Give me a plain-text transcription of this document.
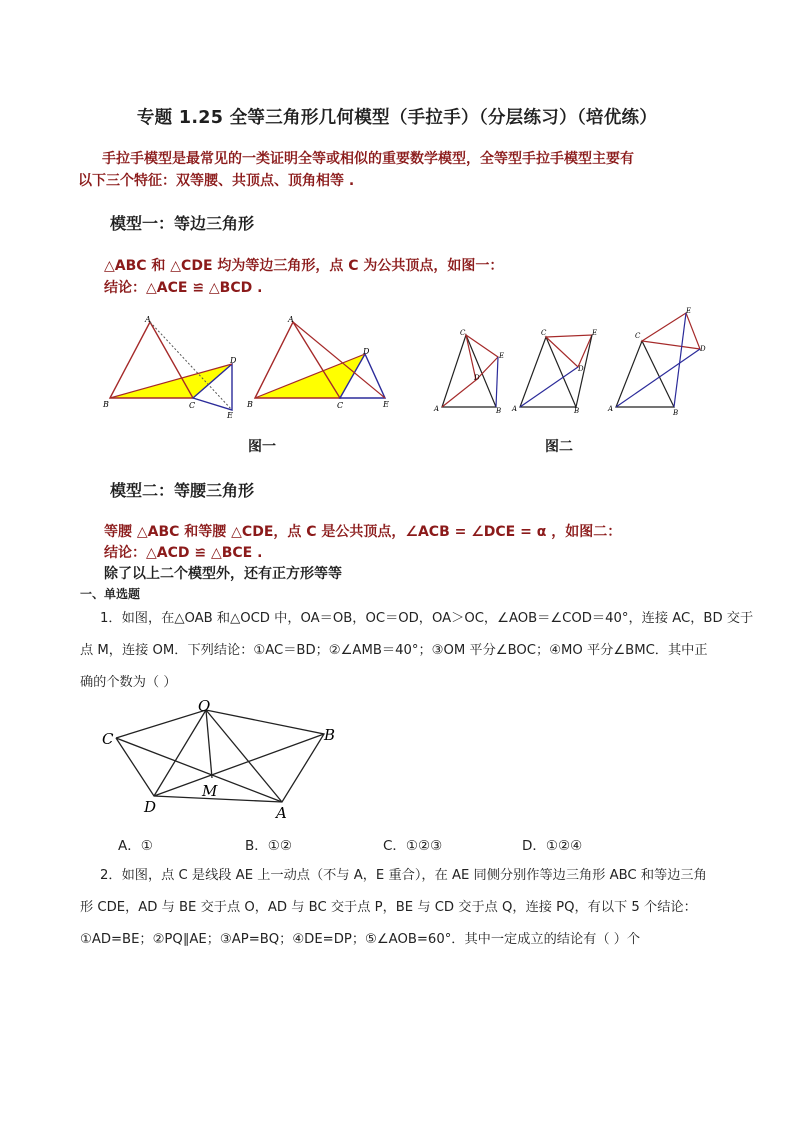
专题 1.25 全等三角形几何模型（手拉手）（分层练习）（培优练）
手拉手模型是最常见的一类证明全等或相似的重要数学模型，全等型手拉手模型主要有
以下三个特征：双等腰、共顶点、顶角相等 .
模型一：等边三角形
△ABC 和 △CDE 均为等边三角形，点 C 为公共顶点，如图一：
结论：△ACE ≌ △BCD .
A
B	C
D
E
A
B	C
D
E
C
E
D
A	B
C	E
D
A	B
C
E
D
A	B
图一	图二
模型二：等腰三角形
等腰 △ABC 和等腰 △CDE，点 C 是公共顶点，∠ACB = ∠DCE = α ，如图二：
结论：△ACD ≌ △BCE .
除了以上二个模型外，还有正方形等等
一、单选题
1．如图，在△OAB 和△OCD 中，OA＝OB，OC＝OD，OA＞OC，∠AOB＝∠COD＝40°，连接 AC，BD 交于
点 M，连接 OM．下列结论：①AC＝BD；②∠AMB＝40°；③OM 平分∠BOC；④MO 平分∠BMC．其中正
确的个数为（ ）
O
C	B
D
M
A
A．①	B．①②	C．①②③	D．①②④
2．如图，点 C 是线段 AE 上一动点（不与 A，E 重合），在 AE 同侧分别作等边三角形 ABC 和等边三角
形 CDE，AD 与 BE 交于点 O，AD 与 BC 交于点 P，BE 与 CD 交于点 Q，连接 PQ，有以下 5 个结论：
①AD=BE；②PQ∥AE；③AP=BQ；④DE=DP；⑤∠AOB=60°．其中一定成立的结论有（ ）个
